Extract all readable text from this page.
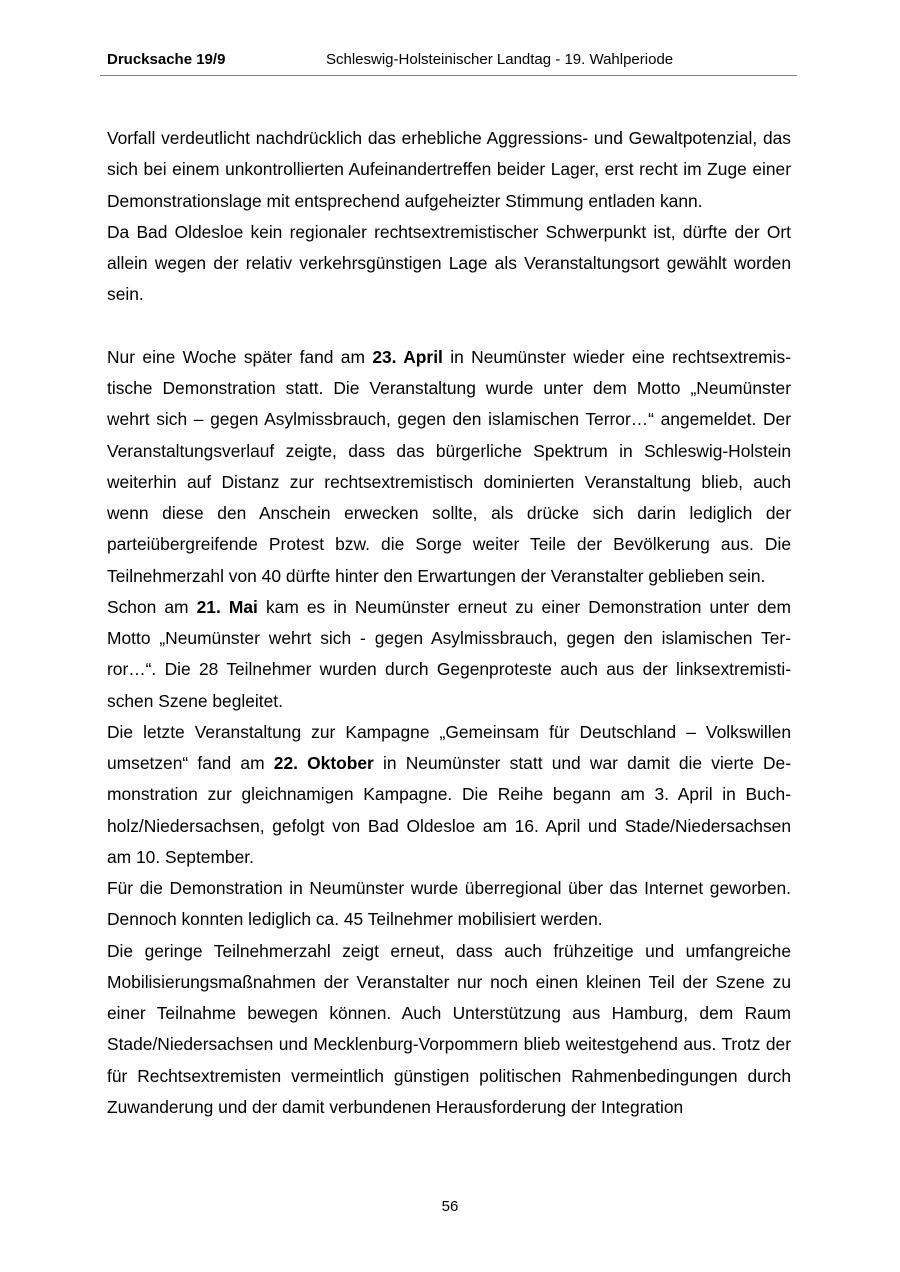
Drucksache 19/9	Schleswig-Holsteinischer Landtag - 19. Wahlperiode

Vorfall verdeutlicht nachdrücklich das erhebliche Aggressions- und Gewaltpotenzial, das sich bei einem unkontrollierten Aufeinandertreffen beider Lager, erst recht im Zuge einer Demonstrationslage mit entsprechend aufgeheizter Stimmung entladen kann.

Da Bad Oldesloe kein regionaler rechtsextremistischer Schwerpunkt ist, dürfte der Ort allein wegen der relativ verkehrsgünstigen Lage als Veranstaltungsort gewählt worden sein.

Nur eine Woche später fand am 23. April in Neumünster wieder eine rechtsextremistische Demonstration statt. Die Veranstaltung wurde unter dem Motto „Neumünster wehrt sich – gegen Asylmissbrauch, gegen den islamischen Terror…“ angemeldet. Der Veranstaltungsverlauf zeigte, dass das bürgerliche Spektrum in Schleswig-Holstein weiterhin auf Distanz zur rechtsextremistisch dominierten Veranstaltung blieb, auch wenn diese den Anschein erwecken sollte, als drücke sich darin lediglich der parteiübergreifende Protest bzw. die Sorge weiter Teile der Bevölkerung aus. Die Teilnehmerzahl von 40 dürfte hinter den Erwartungen der Veranstalter geblieben sein.

Schon am 21. Mai kam es in Neumünster erneut zu einer Demonstration unter dem Motto „Neumünster wehrt sich - gegen Asylmissbrauch, gegen den islamischen Terror…“. Die 28 Teilnehmer wurden durch Gegenproteste auch aus der linksextremistischen Szene begleitet.

Die letzte Veranstaltung zur Kampagne „Gemeinsam für Deutschland – Volkswillen umsetzen“ fand am 22. Oktober in Neumünster statt und war damit die vierte Demonstration zur gleichnamigen Kampagne. Die Reihe begann am 3. April in Buchholz/Niedersachsen, gefolgt von Bad Oldesloe am 16. April und Stade/Niedersachsen am 10. September.

Für die Demonstration in Neumünster wurde überregional über das Internet geworben. Dennoch konnten lediglich ca. 45 Teilnehmer mobilisiert werden.

Die geringe Teilnehmerzahl zeigt erneut, dass auch frühzeitige und umfangreiche Mobilisierungsmaßnahmen der Veranstalter nur noch einen kleinen Teil der Szene zu einer Teilnahme bewegen können. Auch Unterstützung aus Hamburg, dem Raum Stade/Niedersachsen und Mecklenburg-Vorpommern blieb weitestgehend aus. Trotz der für Rechtsextremisten vermeintlich günstigen politischen Rahmenbedingungen durch Zuwanderung und der damit verbundenen Herausforderung der Integration

56
